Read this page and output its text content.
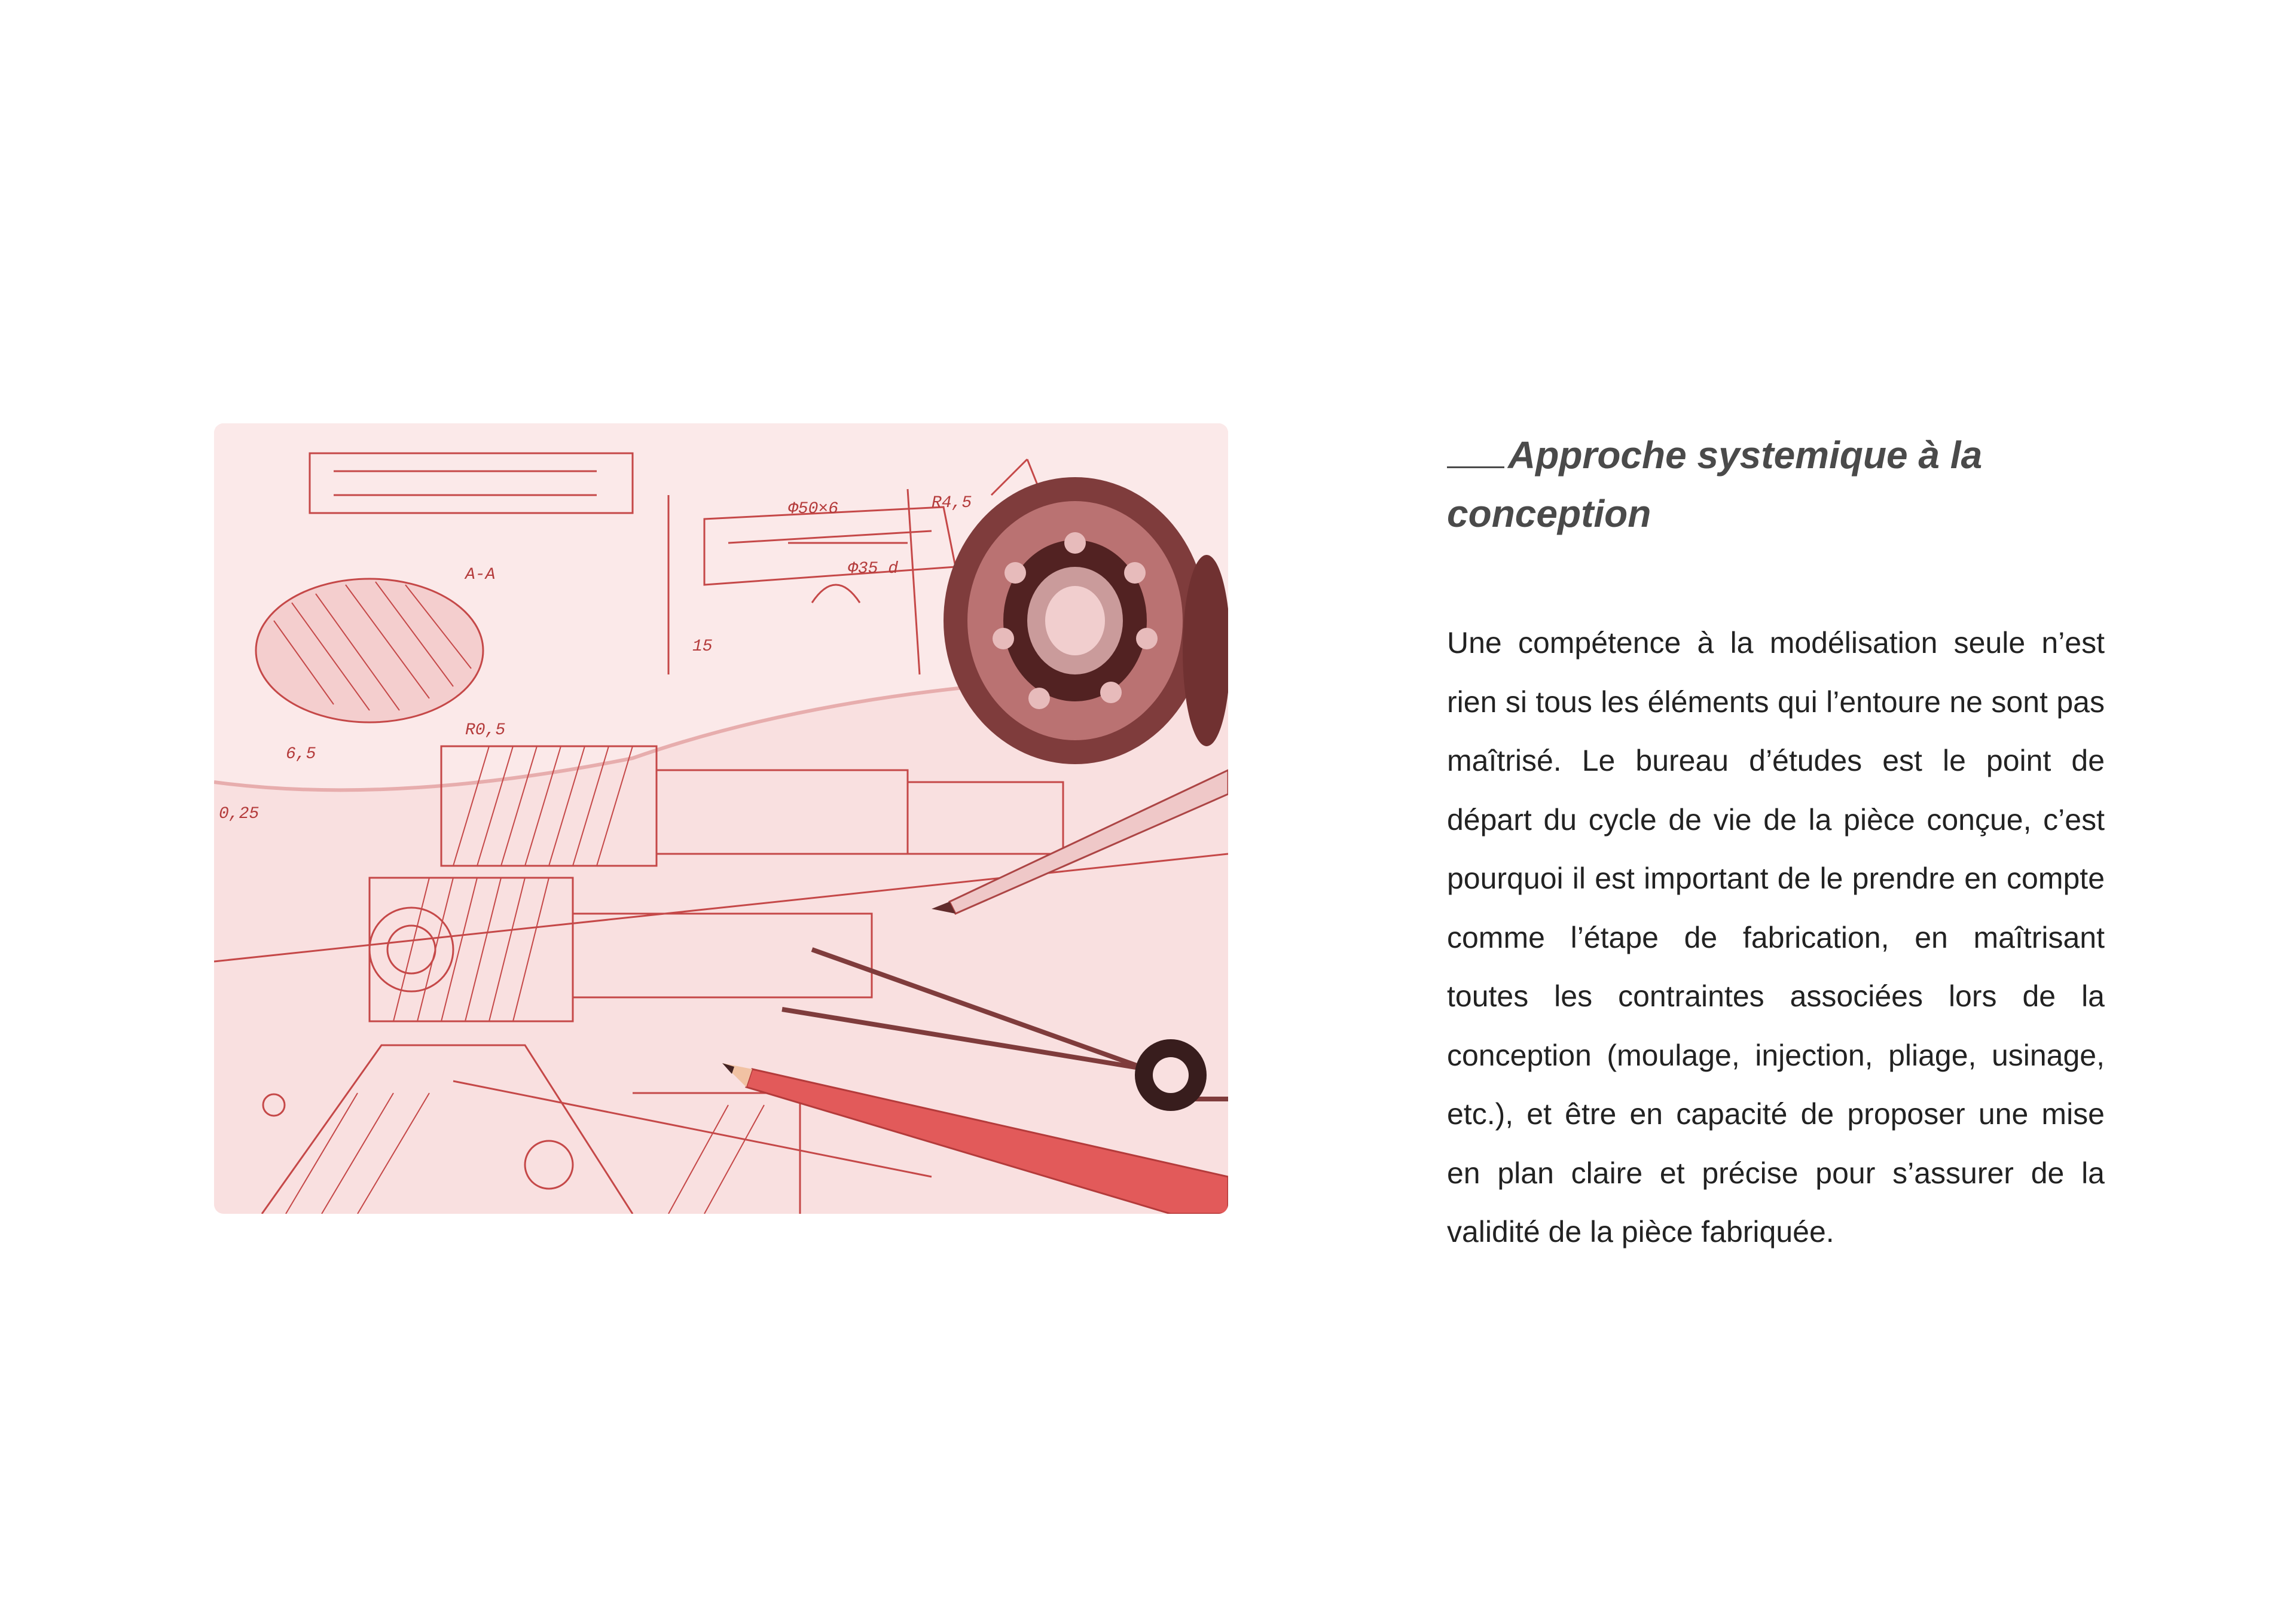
Φ50×6
Φ35 d
R4,5
R0,5
15
A-A
6,5
0,25
Approche systemique à la conception

Une compétence à la modélisation seule n’est rien si tous les éléments qui l’entoure ne sont pas maîtrisé. Le bureau d’études est le point de départ du cycle de vie de la pièce conçue, c’est pourquoi il est important de le prendre en compte comme l’étape de fabrication, en maîtrisant toutes les contraintes associées lors de la conception (moulage, injection, pliage, usinage, etc.), et être en capacité de proposer une mise en plan claire et précise pour s’assurer de la validité de la pièce fabriquée.
